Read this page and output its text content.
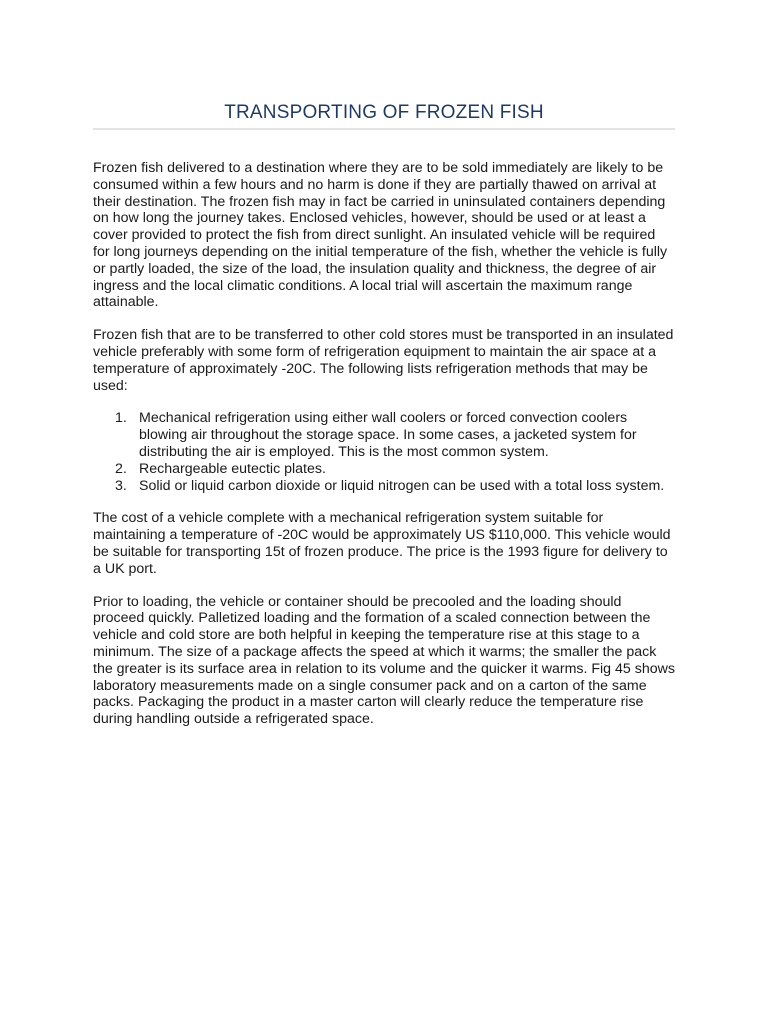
TRANSPORTING OF FROZEN FISH

Frozen fish delivered to a destination where they are to be sold immediately are likely to be consumed within a few hours and no harm is done if they are partially thawed on arrival at their destination. The frozen fish may in fact be carried in uninsulated containers depending on how long the journey takes. Enclosed vehicles, however, should be used or at least a cover provided to protect the fish from direct sunlight. An insulated vehicle will be required for long journeys depending on the initial temperature of the fish, whether the vehicle is fully or partly loaded, the size of the load, the insulation quality and thickness, the degree of air ingress and the local climatic conditions. A local trial will ascertain the maximum range attainable.

Frozen fish that are to be transferred to other cold stores must be transported in an insulated vehicle preferably with some form of refrigeration equipment to maintain the air space at a temperature of approximately -20C. The following lists refrigeration methods that may be used:

1. Mechanical refrigeration using either wall coolers or forced convection coolers blowing air throughout the storage space. In some cases, a jacketed system for distributing the air is employed. This is the most common system.
2. Rechargeable eutectic plates.
3. Solid or liquid carbon dioxide or liquid nitrogen can be used with a total loss system.

The cost of a vehicle complete with a mechanical refrigeration system suitable for maintaining a temperature of -20C would be approximately US $110,000. This vehicle would be suitable for transporting 15t of frozen produce. The price is the 1993 figure for delivery to a UK port.

Prior to loading, the vehicle or container should be precooled and the loading should proceed quickly. Palletized loading and the formation of a scaled connection between the vehicle and cold store are both helpful in keeping the temperature rise at this stage to a minimum. The size of a package affects the speed at which it warms; the smaller the pack the greater is its surface area in relation to its volume and the quicker it warms. Fig 45 shows laboratory measurements made on a single consumer pack and on a carton of the same packs. Packaging the product in a master carton will clearly reduce the temperature rise during handling outside a refrigerated space.
